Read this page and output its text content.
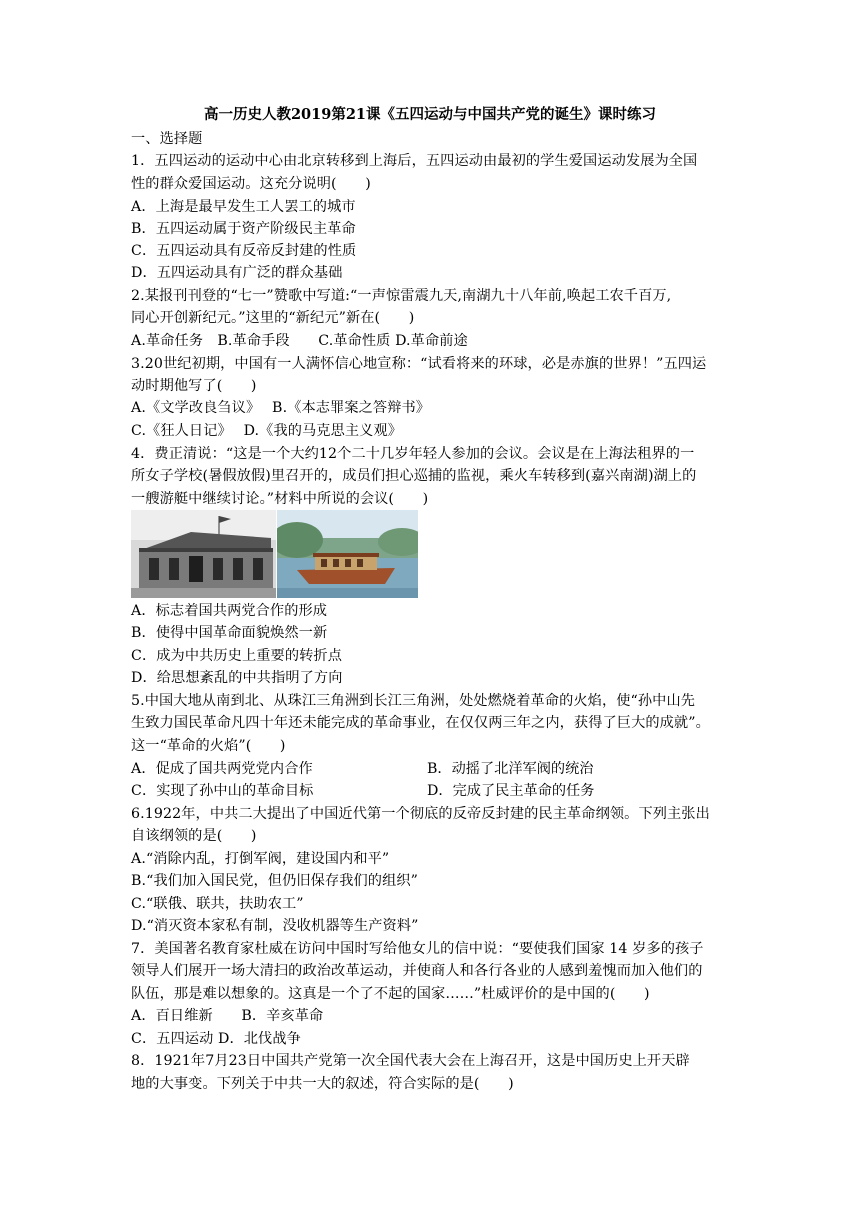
高一历史人教2019第21课《五四运动与中国共产党的诞生》课时练习
一、选择题
1．五四运动的运动中心由北京转移到上海后，五四运动由最初的学生爱国运动发展为全国
性的群众爱国运动。这充分说明(　　)
A．上海是最早发生工人罢工的城市
B．五四运动属于资产阶级民主革命
C．五四运动具有反帝反封建的性质
D．五四运动具有广泛的群众基础
2.某报刊刊登的“七一”赞歌中写道:“一声惊雷震九天,南湖九十八年前,唤起工农千百万,
同心开创新纪元。”这里的“新纪元”新在(　　)
A.革命任务　B.革命手段　　C.革命性质 D.革命前途
3.20世纪初期，中国有一人满怀信心地宣称：“试看将来的环球，必是赤旗的世界！”五四运
动时期他写了(　　)
A.《文学改良刍议》　 B.《本志罪案之答辩书》
C.《狂人日记》　 D.《我的马克思主义观》
4．费正清说：“这是一个大约12个二十几岁年轻人参加的会议。会议是在上海法租界的一
所女子学校(暑假放假)里召开的，成员们担心巡捕的监视，乘火车转移到(嘉兴南湖)湖上的
一艘游艇中继续讨论。”材料中所说的会议(　　)
A．标志着国共两党合作的形成
B．使得中国革命面貌焕然一新
C．成为中共历史上重要的转折点
D．给思想紊乱的中共指明了方向
5.中国大地从南到北、从珠江三角洲到长江三角洲，处处燃烧着革命的火焰，使“孙中山先
生致力国民革命凡四十年还未能完成的革命事业，在仅仅两三年之内，获得了巨大的成就”。
这一“革命的火焰”(　　)
A．促成了国共两党党内合作	B．动摇了北洋军阀的统治
C．实现了孙中山的革命目标	D．完成了民主革命的任务
6.1922年，中共二大提出了中国近代第一个彻底的反帝反封建的民主革命纲领。下列主张出
自该纲领的是(　　)
A.“消除内乱，打倒军阀，建设国内和平”
B.“我们加入国民党，但仍旧保存我们的组织”
C.“联俄、联共，扶助农工”
D.“消灭资本家私有制，没收机器等生产资料”
7．美国著名教育家杜威在访问中国时写给他女儿的信中说：“要使我们国家 14 岁多的孩子
领导人们展开一场大清扫的政治改革运动，并使商人和各行各业的人感到羞愧而加入他们的
队伍，那是难以想象的。这真是一个了不起的国家……”杜威评价的是中国的(　　)
A．百日维新　　B．辛亥革命
C．五四运动 D．北伐战争
8．1921年7月23日中国共产党第一次全国代表大会在上海召开，这是中国历史上开天辟
地的大事变。下列关于中共一大的叙述，符合实际的是(　　)
